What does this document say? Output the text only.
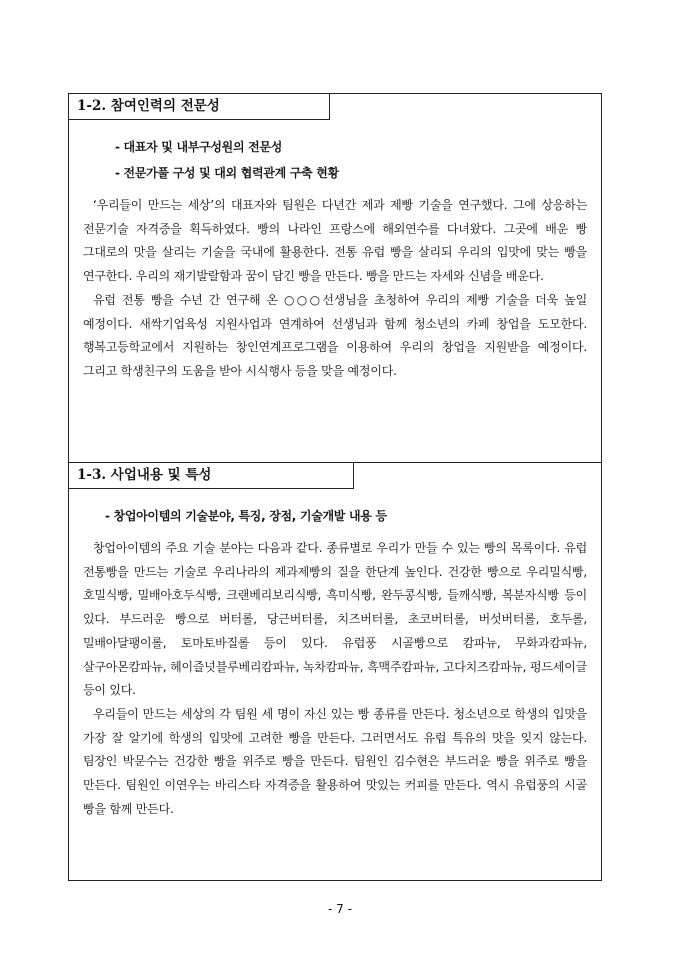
1-2. 참여인력의 전문성
- 대표자 및 내부구성원의 전문성
- 전문가풀 구성 및 대외 협력관계 구축 현황

‘우리들이 만드는 세상’의 대표자와 팀원은 다년간 제과 제빵 기술을 연구했다. 그에 상응하는 전문기술 자격증을 획득하였다. 빵의 나라인 프랑스에 해외연수를 다녀왔다. 그곳에 배운 빵 그대로의 맛을 살리는 기술을 국내에 활용한다. 전통 유럽 빵을 살리되 우리의 입맛에 맞는 빵을 연구한다. 우리의 재기발랄함과 꿈이 담긴 빵을 만든다. 빵을 만드는 자세와 신념을 배운다.

유럽 전통 빵을 수년 간 연구해 온 ○○○선생님을 초청하여 우리의 제빵 기술을 더욱 높일 예정이다. 새싹기업육성 지원사업과 연계하여 선생님과 함께 청소년의 카페 창업을 도모한다. 행복고등학교에서 지원하는 창인연계프로그램을 이용하여 우리의 창업을 지원받을 예정이다. 그리고 학생친구의 도움을 받아 시식행사 등을 맞을 예정이다.

1-3. 사업내용 및 특성
- 창업아이템의 기술분야, 특징, 장점, 기술개발 내용 등

창업아이템의 주요 기술 분야는 다음과 같다. 종류별로 우리가 만들 수 있는 빵의 목록이다. 유럽 전통빵을 만드는 기술로 우리나라의 제과제빵의 질을 한단계 높인다. 건강한 빵으로 우리밀식빵, 호밀식빵, 밀배아호두식빵, 크랜베리보리식빵, 흑미식빵, 완두콩식빵, 들깨식빵, 복분자식빵 등이 있다. 부드러운 빵으로 버터롤, 당근버터롤, 치즈버터롤, 초코버터롤, 버섯버터롤, 호두롤, 밀배아달팽이롤, 토마토바질롤 등이 있다. 유럽풍 시골빵으로 캄파뉴, 무화과캄파뉴, 살구아몬캄파뉴, 헤이즐넛블루베리캄파뉴, 녹차캄파뉴, 흑맥주캄파뉴, 고다치즈캄파뉴, 펑드세이글 등이 있다.

우리들이 만드는 세상의 각 팀원 세 명이 자신 있는 빵 종류를 만든다. 청소년으로 학생의 입맛을 가장 잘 알기에 학생의 입맛에 고려한 빵을 만든다. 그러면서도 유럽 특유의 맛을 잊지 않는다. 팀장인 박문수는 건강한 빵을 위주로 빵을 만든다. 팀원인 김수현은 부드러운 빵을 위주로 빵을 만든다. 팀원인 이연우는 바리스타 자격증을 활용하여 맛있는 커피를 만든다. 역시 유럽풍의 시골 빵을 함께 만든다.

- 7 -
